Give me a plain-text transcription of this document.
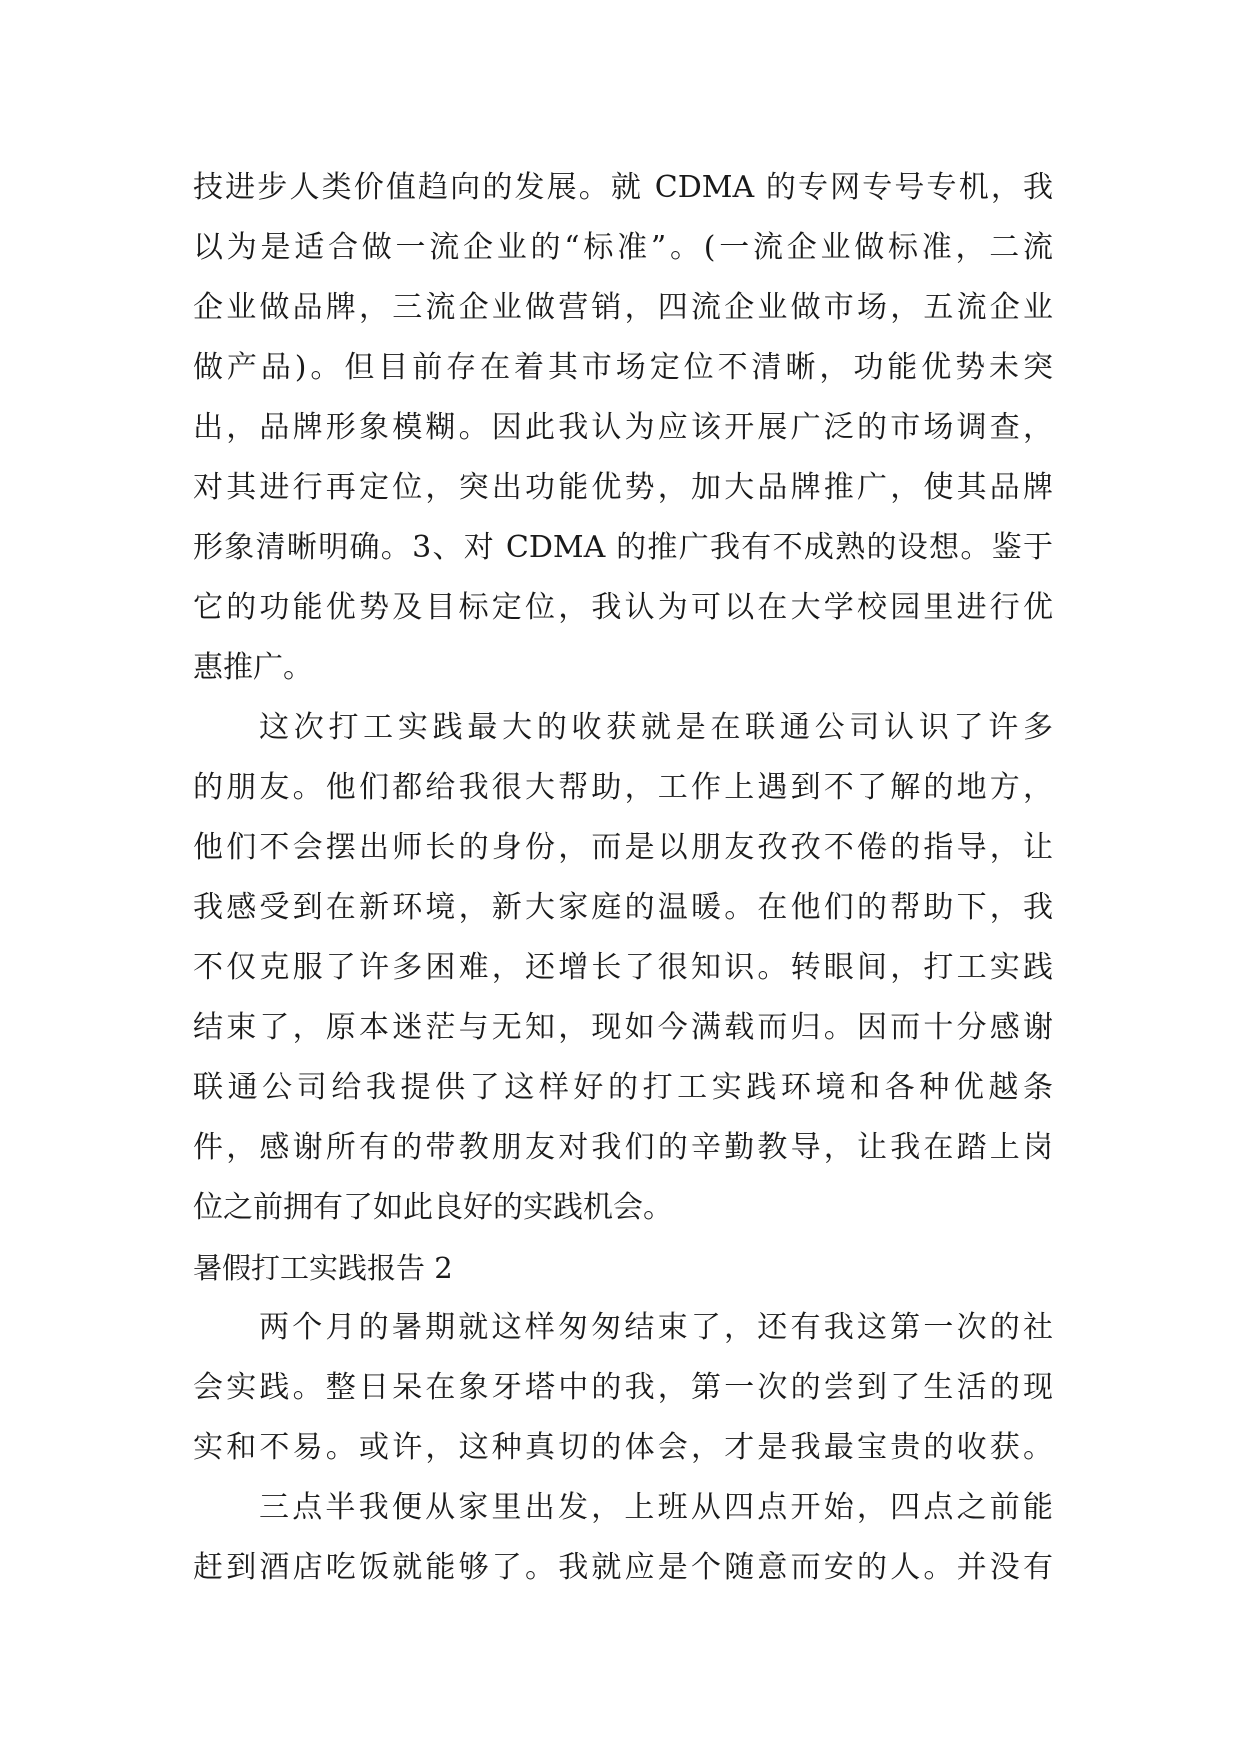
技进步人类价值趋向的发展。就 CDMA 的专网专号专机，我
以为是适合做一流企业的“标准”。(一流企业做标准，二流
企业做品牌，三流企业做营销，四流企业做市场，五流企业
做产品)。但目前存在着其市场定位不清晰，功能优势未突
出，品牌形象模糊。因此我认为应该开展广泛的市场调查，
对其进行再定位，突出功能优势，加大品牌推广，使其品牌
形象清晰明确。3、对 CDMA 的推广我有不成熟的设想。鉴于
它的功能优势及目标定位，我认为可以在大学校园里进行优
惠推广。
这次打工实践最大的收获就是在联通公司认识了许多
的朋友。他们都给我很大帮助，工作上遇到不了解的地方，
他们不会摆出师长的身份，而是以朋友孜孜不倦的指导，让
我感受到在新环境，新大家庭的温暖。在他们的帮助下，我
不仅克服了许多困难，还增长了很知识。转眼间，打工实践
结束了，原本迷茫与无知，现如今满载而归。因而十分感谢
联通公司给我提供了这样好的打工实践环境和各种优越条
件，感谢所有的带教朋友对我们的辛勤教导，让我在踏上岗
位之前拥有了如此良好的实践机会。
暑假打工实践报告 2
两个月的暑期就这样匆匆结束了，还有我这第一次的社
会实践。整日呆在象牙塔中的我，第一次的尝到了生活的现
实和不易。或许，这种真切的体会，才是我最宝贵的收获。
三点半我便从家里出发，上班从四点开始，四点之前能
赶到酒店吃饭就能够了。我就应是个随意而安的人。并没有
